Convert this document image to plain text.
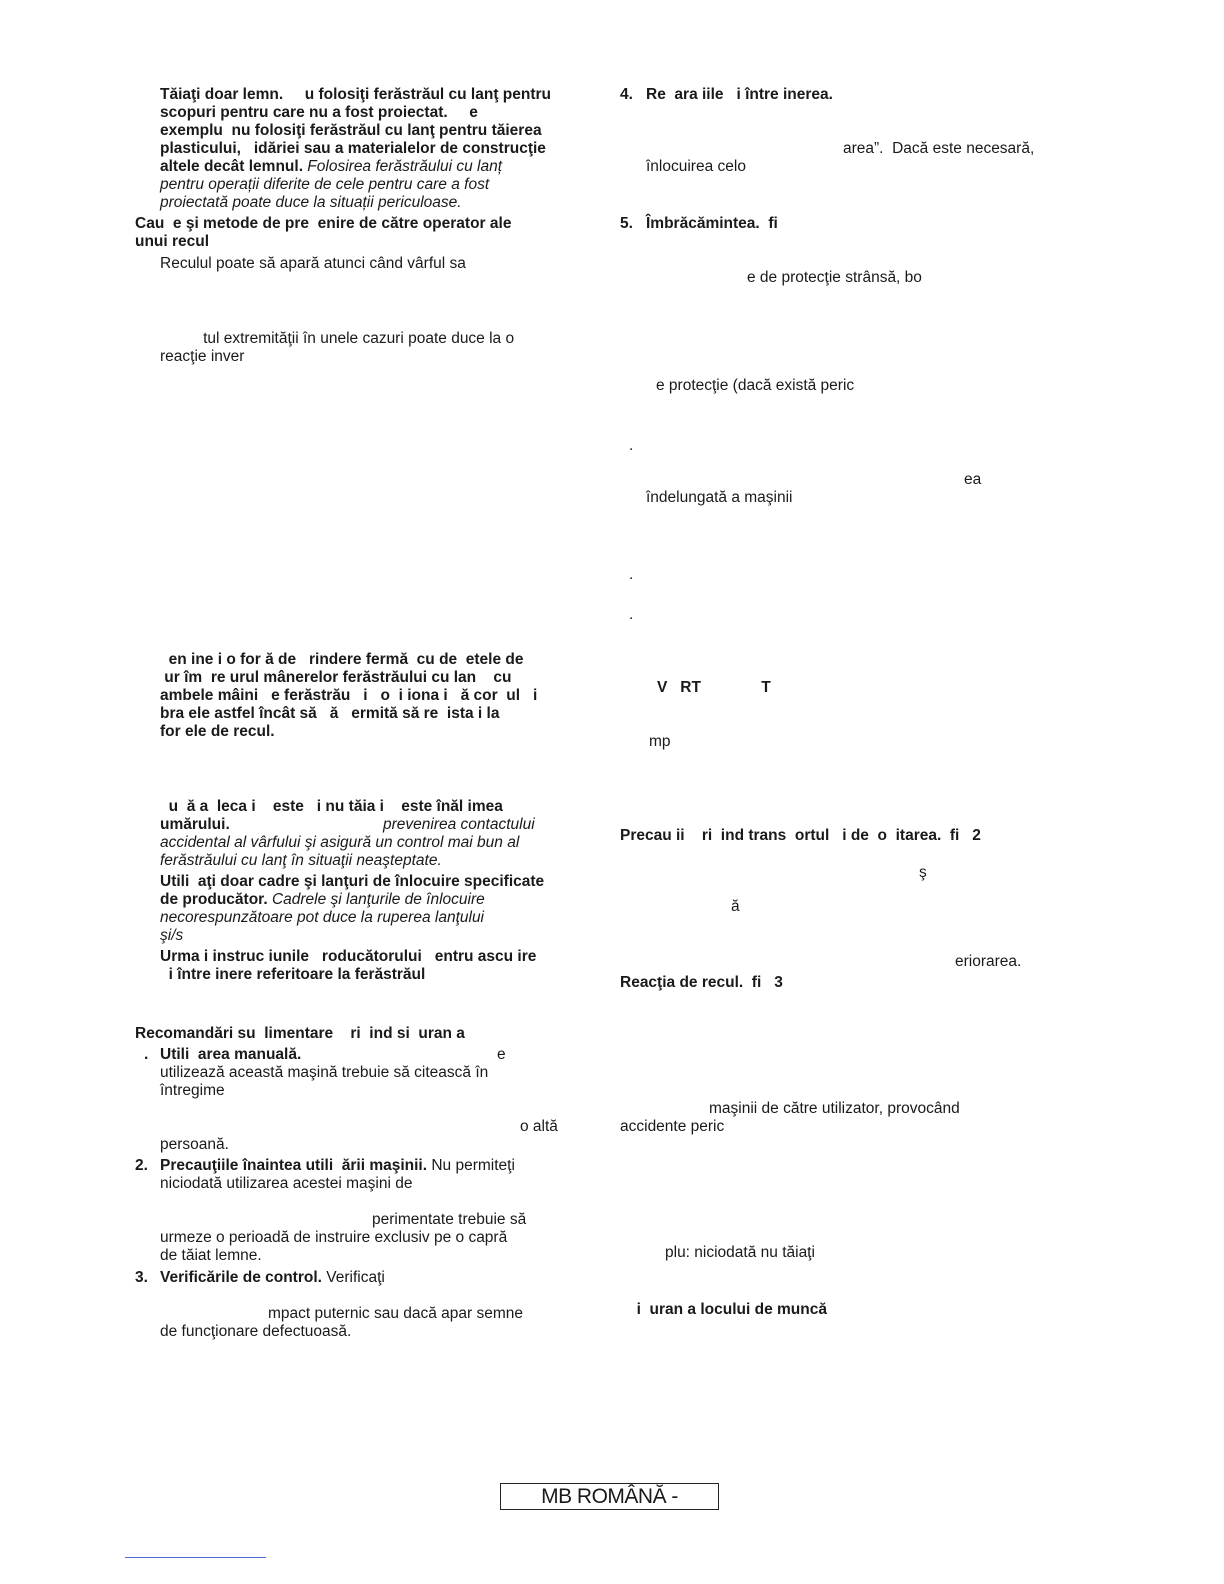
Tăiaţi doar lemn.     u folosiţi ferăstrăul cu lanţ pentru
scopuri pentru care nu a fost proiectat.     e
exemplu  nu folosiţi ferăstrăul cu lanţ pentru tăierea
plasticului,   idăriei sau a materialelor de construcţie
altele decât lemnul. Folosirea ferăstrăului cu lanț
pentru operații diferite de cele pentru care a fost
proiectată poate duce la situații periculoase.
Cau  e şi metode de pre  enire de către operator ale
unui recul
Reculul poate să apară atunci când vârful sa
tul extremităţii în unele cazuri poate duce la o
reacţie inver
en ine i o for ă de   rindere fermă  cu de  etele de
ur îm  re urul mânerelor ferăstrăului cu lan    cu
ambele mâini   e ferăstrău   i   o  i iona i   ă cor  ul   i
bra ele astfel încât să   ă   ermită să re  ista i la
for ele de recul.
u  ă a  leca i    este   i nu tăia i    este înăl imea
umărului.	prevenirea contactului
accidental al vârfului şi asigură un control mai bun al
ferăstrăului cu lanţ în situaţii neaşteptate.
Utili  aţi doar cadre şi lanţuri de înlocuire specificate
de producător. Cadrele şi lanţurile de înlocuire
necorespunzătoare pot duce la ruperea lanţului
şi/s
Urma i instruc iunile   roducătorului   entru ascu ire
i între inere referitoare la ferăstrăul
Recomandări su  limentare    ri  ind si  uran a
. Utili  area manuală.	e
utilizează această maşină trebuie să citească în
întregime
o altă
persoană.
2. Precauţiile înaintea utili  ării maşinii. Nu permiteţi
niciodată utilizarea acestei maşini de
perimentate trebuie să
urmeze o perioadă de instruire exclusiv pe o capră
de tăiat lemne.
3. Verificările de control. Verificaţi
mpact puternic sau dacă apar semne
de funcţionare defectuoasă.
4. Re  ara iile   i între inerea.
area”.  Dacă este necesară,
înlocuirea celo
5. Îmbrăcămintea.  fi
e de protecţie strânsă, bo
e protecţie (dacă există peric
.
ea
îndelungată a maşinii
.
.
V   RT              T
mp
Precau ii    ri  ind trans  ortul   i de  o  itarea.  fi   2
ş
ă
eriorarea.
Reacţia de recul.  fi   3
maşinii de către utilizator, provocând
accidente peric
plu: niciodată nu tăiaţi
i  uran a locului de muncă
MB ROMÂNĂ -
